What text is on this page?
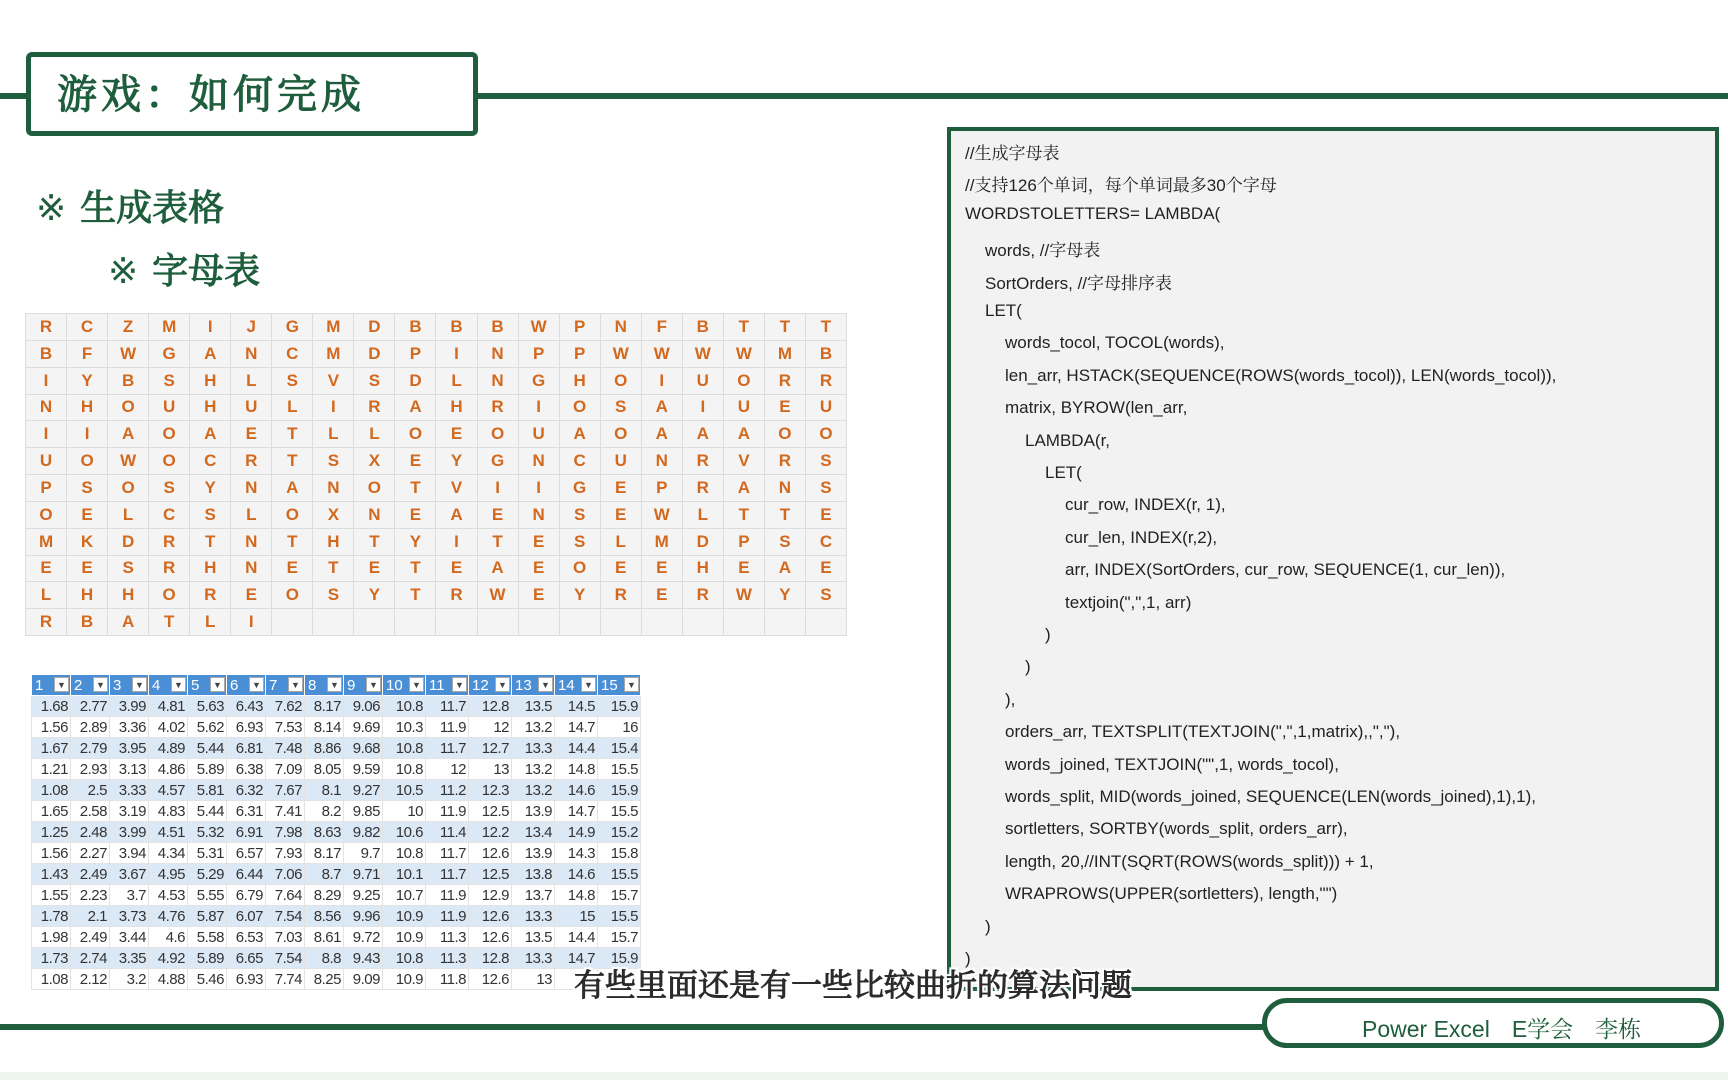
游戏：如何完成
※ 生成表格
※ 字母表
R	C	Z	M	I	J	G	M	D	B	B	B	W	P	N	F	B	T	T	T
B	F	W	G	A	N	C	M	D	P	I	N	P	P	W	W	W	W	M	B
I	Y	B	S	H	L	S	V	S	D	L	N	G	H	O	I	U	O	R	R
N	H	O	U	H	U	L	I	R	A	H	R	I	O	S	A	I	U	E	U
I	I	A	O	A	E	T	L	L	O	E	O	U	A	O	A	A	A	O	O
U	O	W	O	C	R	T	S	X	E	Y	G	N	C	U	N	R	V	R	S
P	S	O	S	Y	N	A	N	O	T	V	I	I	G	E	P	R	A	N	S
O	E	L	C	S	L	O	X	N	E	A	E	N	S	E	W	L	T	T	E
M	K	D	R	T	N	T	H	T	Y	I	T	E	S	L	M	D	P	S	C
E	E	S	R	H	N	E	T	E	T	E	A	E	O	E	E	H	E	A	E
L	H	H	O	R	E	O	S	Y	T	R	W	E	Y	R	E	R	W	Y	S
R	B	A	T	L	I
1 ▼	2 ▼	3 ▼	4 ▼	5 ▼	6 ▼	7 ▼	8 ▼	9 ▼	10 ▼	11 ▼	12 ▼	13 ▼	14 ▼	15 ▼

1.68	2.77	3.99	4.81	5.63	6.43	7.62	8.17	9.06	10.8	11.7	12.8	13.5	14.5	15.9
1.56	2.89	3.36	4.02	5.62	6.93	7.53	8.14	9.69	10.3	11.9	12	13.2	14.7	16
1.67	2.79	3.95	4.89	5.44	6.81	7.48	8.86	9.68	10.8	11.7	12.7	13.3	14.4	15.4
1.21	2.93	3.13	4.86	5.89	6.38	7.09	8.05	9.59	10.8	12	13	13.2	14.8	15.5
1.08	2.5	3.33	4.57	5.81	6.32	7.67	8.1	9.27	10.5	11.2	12.3	13.2	14.6	15.9
1.65	2.58	3.19	4.83	5.44	6.31	7.41	8.2	9.85	10	11.9	12.5	13.9	14.7	15.5
1.25	2.48	3.99	4.51	5.32	6.91	7.98	8.63	9.82	10.6	11.4	12.2	13.4	14.9	15.2
1.56	2.27	3.94	4.34	5.31	6.57	7.93	8.17	9.7	10.8	11.7	12.6	13.9	14.3	15.8
1.43	2.49	3.67	4.95	5.29	6.44	7.06	8.7	9.71	10.1	11.7	12.5	13.8	14.6	15.5
1.55	2.23	3.7	4.53	5.55	6.79	7.64	8.29	9.25	10.7	11.9	12.9	13.7	14.8	15.7
1.78	2.1	3.73	4.76	5.87	6.07	7.54	8.56	9.96	10.9	11.9	12.6	13.3	15	15.5
1.98	2.49	3.44	4.6	5.58	6.53	7.03	8.61	9.72	10.9	11.3	12.6	13.5	14.4	15.7
1.73	2.74	3.35	4.92	5.89	6.65	7.54	8.8	9.43	10.8	11.3	12.8	13.3	14.7	15.9
1.08	2.12	3.2	4.88	5.46	6.93	7.74	8.25	9.09	10.9	11.8	12.6	13		
//生成字母表
//支持126个单词，每个单词最多30个字母
WORDSTOLETTERS= LAMBDA(
words, //字母表
SortOrders, //字母排序表
LET(
words_tocol, TOCOL(words),
len_arr, HSTACK(SEQUENCE(ROWS(words_tocol)), LEN(words_tocol)),
matrix, BYROW(len_arr,
LAMBDA(r,
LET(
cur_row, INDEX(r, 1),
cur_len, INDEX(r,2),
arr, INDEX(SortOrders, cur_row, SEQUENCE(1, cur_len)),
textjoin(",",1, arr)
)
)
),
orders_arr, TEXTSPLIT(TEXTJOIN(",",1,matrix),,","),
words_joined, TEXTJOIN("",1, words_tocol),
words_split, MID(words_joined, SEQUENCE(LEN(words_joined),1),1),
sortletters, SORTBY(words_split, orders_arr),
length, 20,//INT(SQRT(ROWS(words_split))) + 1,
WRAPROWS(UPPER(sortletters), length,"")
)
)
Power Excel E学会 李栋
有些里面还是有一些比较曲折的算法问题
